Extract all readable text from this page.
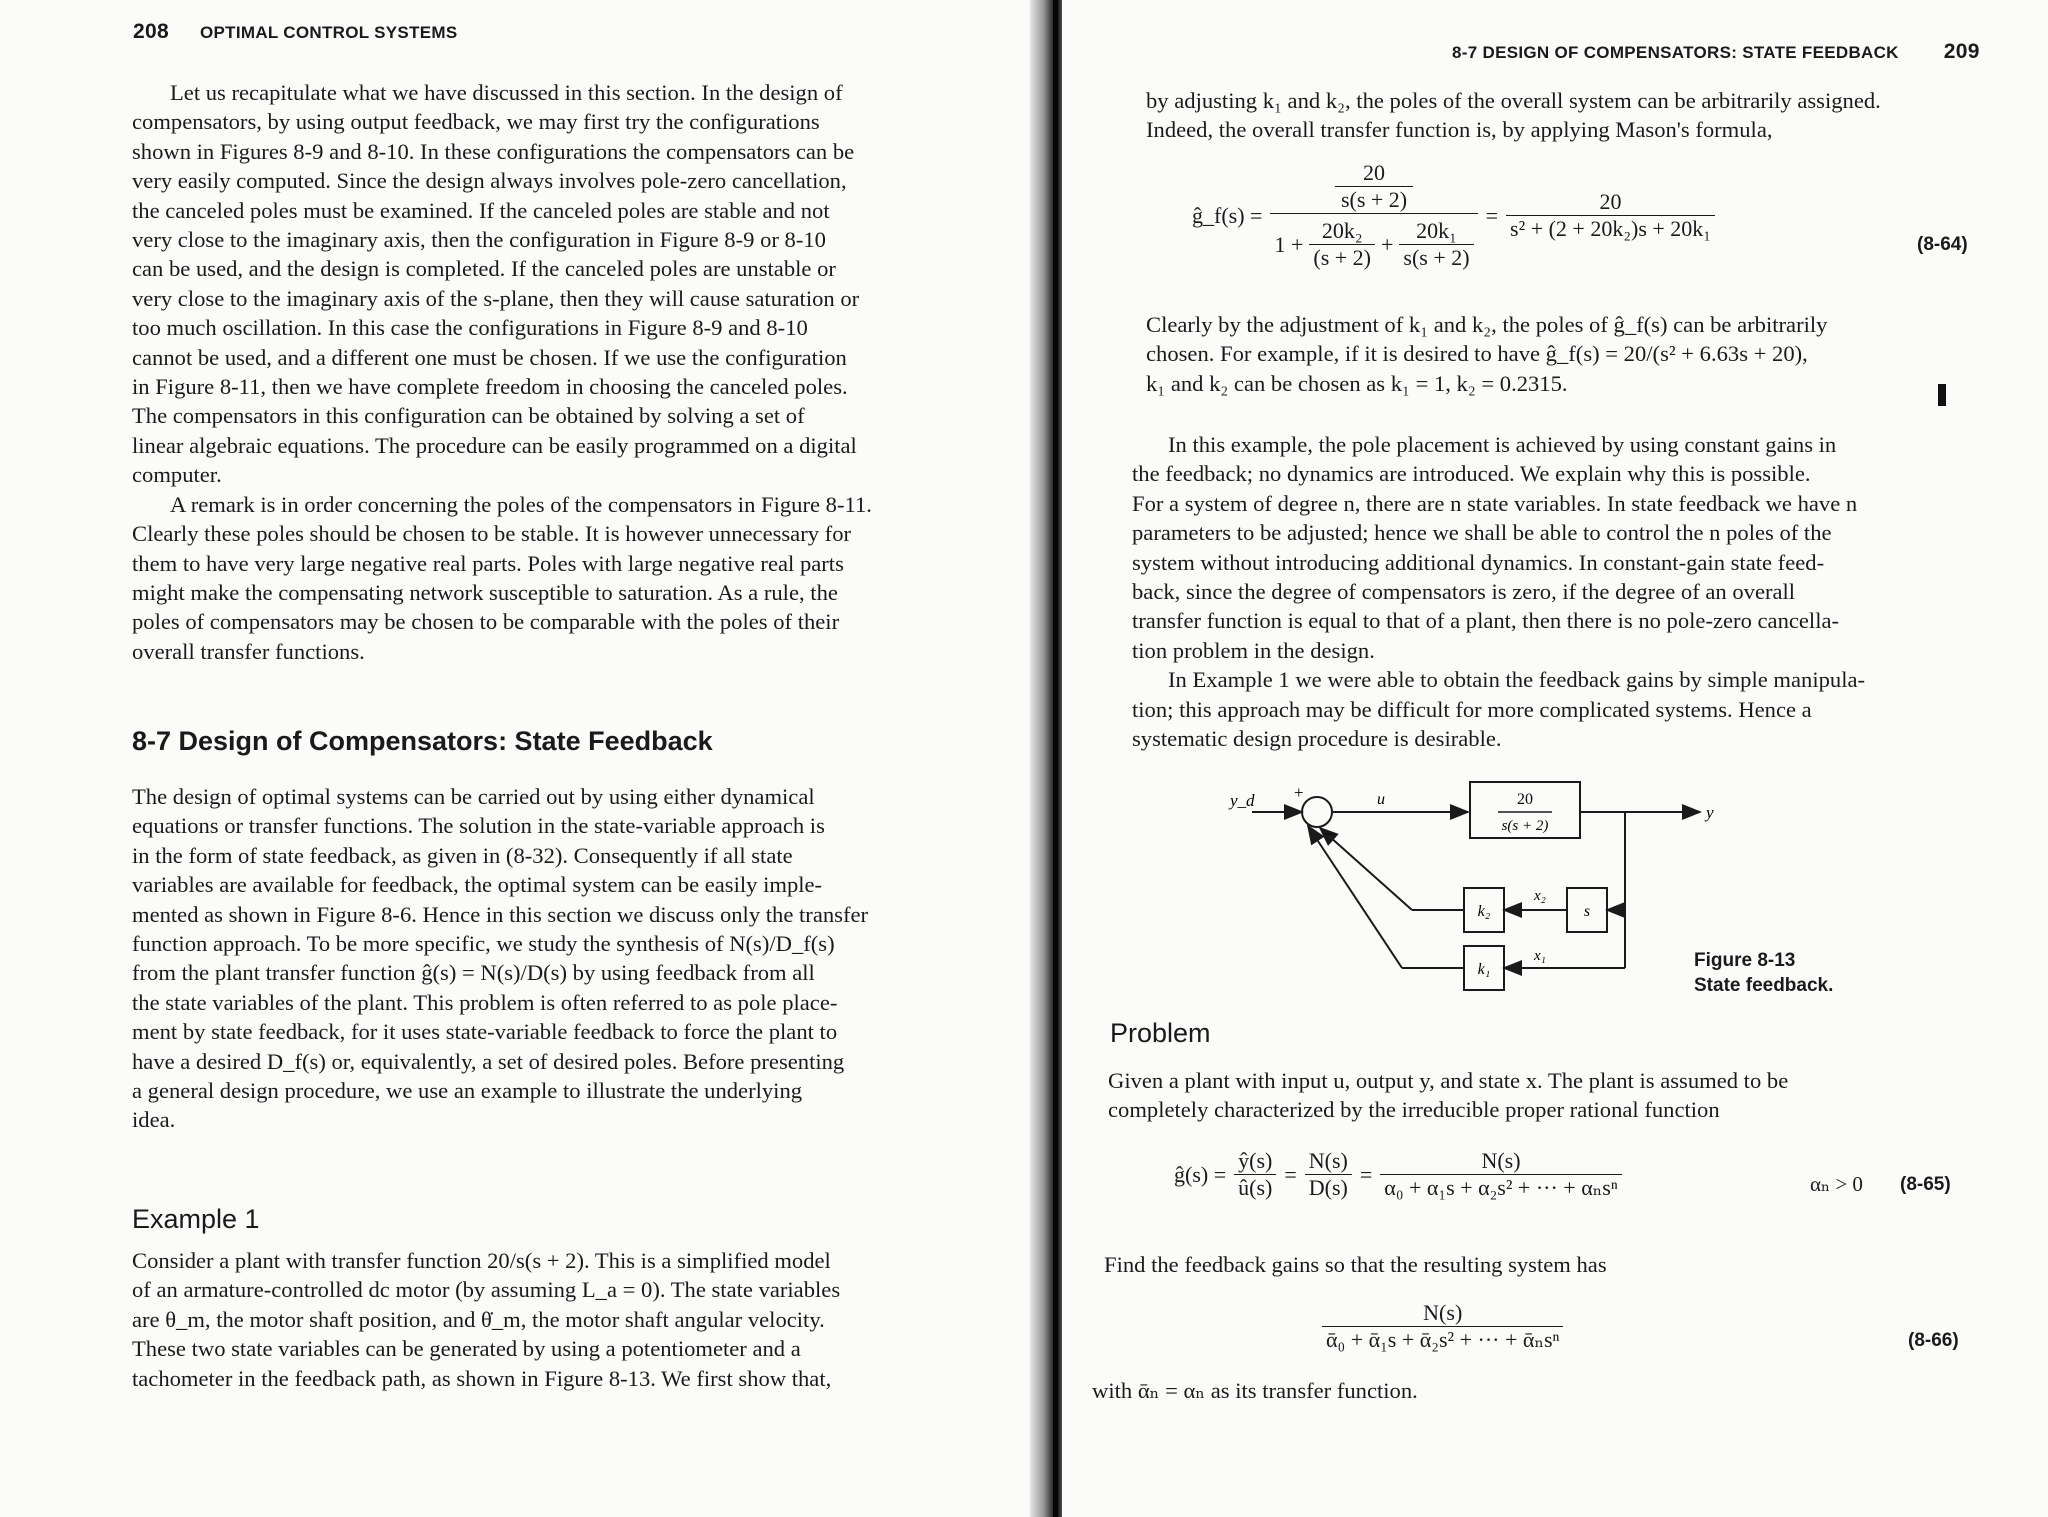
208 OPTIMAL CONTROL SYSTEMS
Let us recapitulate what we have discussed in this section. In the design of
compensators, by using output feedback, we may first try the configurations
shown in Figures 8-9 and 8-10. In these configurations the compensators can be
very easily computed. Since the design always involves pole-zero cancellation,
the canceled poles must be examined. If the canceled poles are stable and not
very close to the imaginary axis, then the configuration in Figure 8-9 or 8-10
can be used, and the design is completed. If the canceled poles are unstable or
very close to the imaginary axis of the s-plane, then they will cause saturation or
too much oscillation. In this case the configurations in Figure 8-9 and 8-10
cannot be used, and a different one must be chosen. If we use the configuration
in Figure 8-11, then we have complete freedom in choosing the canceled poles.
The compensators in this configuration can be obtained by solving a set of
linear algebraic equations. The procedure can be easily programmed on a digital
computer.
A remark is in order concerning the poles of the compensators in Figure 8-11.
Clearly these poles should be chosen to be stable. It is however unnecessary for
them to have very large negative real parts. Poles with large negative real parts
might make the compensating network susceptible to saturation. As a rule, the
poles of compensators may be chosen to be comparable with the poles of their
overall transfer functions.
8-7 Design of Compensators: State Feedback
The design of optimal systems can be carried out by using either dynamical
equations or transfer functions. The solution in the state-variable approach is
in the form of state feedback, as given in (8-32). Consequently if all state
variables are available for feedback, the optimal system can be easily imple-
mented as shown in Figure 8-6. Hence in this section we discuss only the transfer
function approach. To be more specific, we study the synthesis of N(s)/D_f(s)
from the plant transfer function ĝ(s) = N(s)/D(s) by using feedback from all
the state variables of the plant. This problem is often referred to as pole place-
ment by state feedback, for it uses state-variable feedback to force the plant to
have a desired D_f(s) or, equivalently, a set of desired poles. Before presenting
a general design procedure, we use an example to illustrate the underlying
idea.
Example 1
Consider a plant with transfer function 20/s(s + 2). This is a simplified model
of an armature-controlled dc motor (by assuming L_a = 0). The state variables
are θ_m, the motor shaft position, and θ̇_m, the motor shaft angular velocity.
These two state variables can be generated by using a potentiometer and a
tachometer in the feedback path, as shown in Figure 8-13. We first show that,
8-7 DESIGN OF COMPENSATORS: STATE FEEDBACK 209
by adjusting k₁ and k₂, the poles of the overall system can be arbitrarily assigned.
Indeed, the overall transfer function is, by applying Mason's formula,
ĝ_f(s) =
$\frac{20}{s(s + 2)}$
$1 + \frac{\text{20k₂}}{(s + 2)} + \frac{\text{20k₁}}{s(s + 2)}$
= $\frac{20}{\text{s² + (2 + 20k₂)s + 20k₁}}$
(8-64)
Clearly by the adjustment of k₁ and k₂, the poles of ĝ_f(s) can be arbitrarily
chosen. For example, if it is desired to have ĝ_f(s) = 20/(s² + 6.63s + 20),
k₁ and k₂ can be chosen as k₁ = 1, k₂ = 0.2315.
In this example, the pole placement is achieved by using constant gains in
the feedback; no dynamics are introduced. We explain why this is possible.
For a system of degree n, there are n state variables. In state feedback we have n
parameters to be adjusted; hence we shall be able to control the n poles of the
system without introducing additional dynamics. In constant-gain state feed-
back, since the degree of compensators is zero, if the degree of an overall
transfer function is equal to that of a plant, then there is no pole-zero cancella-
tion problem in the design.
In Example 1 we were able to obtain the feedback gains by simple manipula-
tion; this approach may be difficult for more complicated systems. Hence a
systematic design procedure is desirable.
y_d +
−
u	20
s(s + 2)
y
k₂
x₂
s
k₁
x₁	Figure 8-13
State feedback.
Problem
Given a plant with input u, output y, and state x. The plant is assumed to be
completely characterized by the irreducible proper rational function
ĝ(s) = $\frac{ŷ(s)}{û(s)} = \frac{N(s)}{D(s)} = \frac{N(s)}{\text{α₀ + α₁s + α₂s² + ··· + αₙsⁿ}}$	αₙ > 0 (8-65)
Find the feedback gains so that the resulting system has
$\frac{N(s)}{\text{ᾱ₀ + ᾱ₁s + ᾱ₂s² + ··· + ᾱₙsⁿ}}$	(8-66)
with ᾱₙ = αₙ as its transfer function.
